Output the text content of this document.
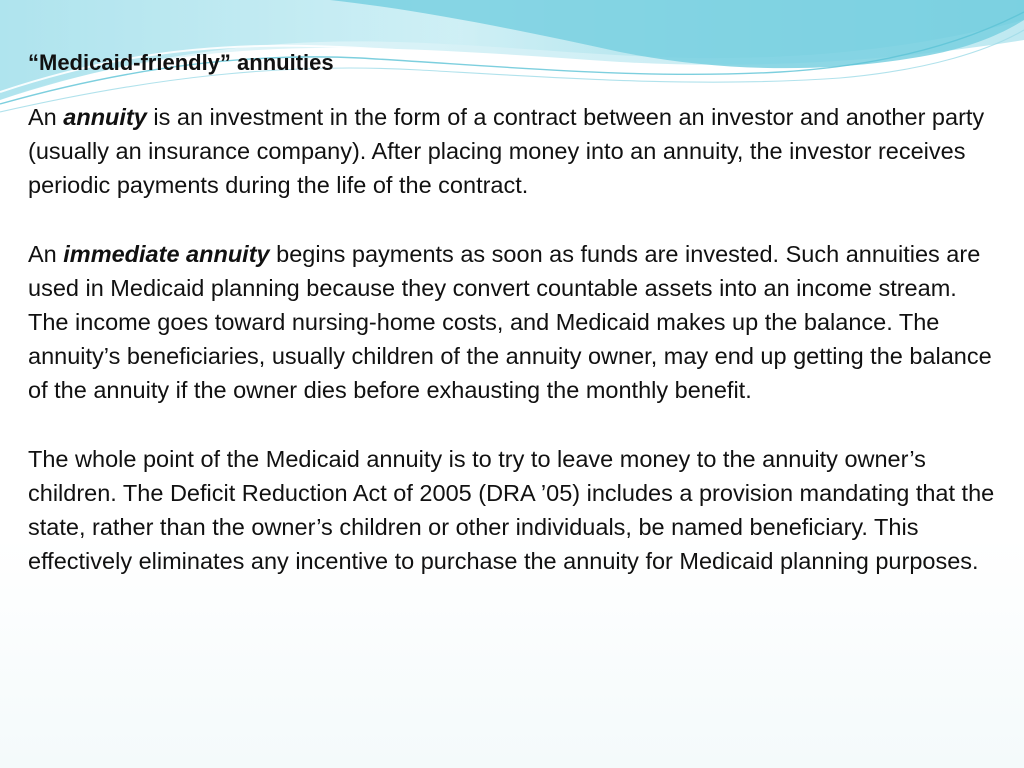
“Medicaid-friendly” annuities

An annuity is an investment in the form of a contract between an investor and another party (usually an insurance company). After placing money into an annuity, the investor receives periodic payments during the life of the contract.

An immediate annuity begins payments as soon as funds are invested. Such annuities are used in Medicaid planning because they convert countable assets into an income stream. The income goes toward nursing-home costs, and Medicaid makes up the balance. The annuity’s beneficiaries, usually children of the annuity owner, may end up getting the balance of the annuity if the owner dies before exhausting the monthly benefit.

The whole point of the Medicaid annuity is to try to leave money to the annuity owner’s children. The Deficit Reduction Act of 2005 (DRA ’05) includes a provision mandating that the state, rather than the owner’s children or other individuals, be named beneficiary. This effectively eliminates any incentive to purchase the annuity for Medicaid planning purposes.
